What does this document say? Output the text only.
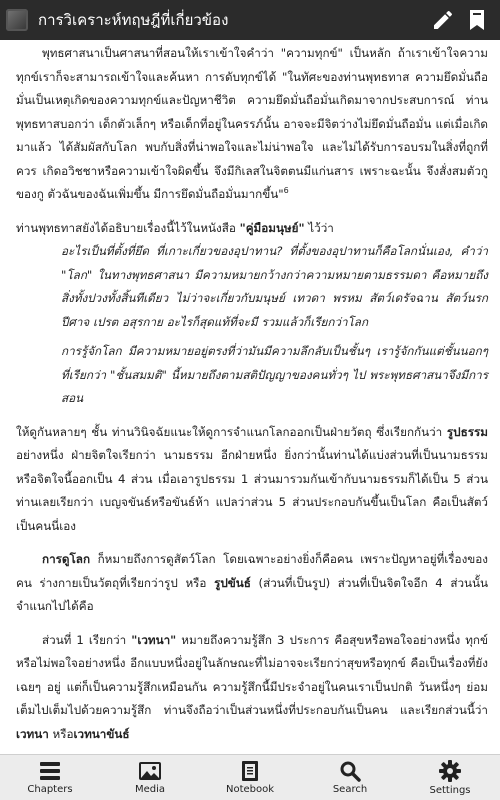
การวิเคราะห์ทฤษฎีที่เกี่ยวข้อง

พุทธศาสนาเป็นศาสนาที่สอนให้เราเข้าใจคำว่า "ความทุกข์" เป็นหลัก ถ้าเราเข้าใจความทุกข์เราก็จะสามารถเข้าใจและค้นหา การดับทุกข์ได้ "ในทัศะของท่านพุทธทาส ความยึดมั่นถือมั่นเป็นเหตุเกิดของความทุกข์และปัญหาชีวิต ความยึดมั่นถือมั่นเกิดมาจากประสบการณ์ ท่านพุทธทาสบอกว่า เด็กตัวเล็กๆ หรือเด็กที่อยู่ในครรภ์นั้น อาจจะมีจิตว่างไม่ยึดมั่นถือมั่น แต่เมื่อเกิดมาแล้ว ได้สัมผัสกับโลก พบกับสิ่งที่น่าพอใจและไม่น่าพอใจ และไม่ได้รับการอบรมในสิ่งที่ถูกที่ควร เกิดอวิชชาหรือความเข้าใจผิดขึ้น จึงมีกิเลสในจิตตนมีแก่นสาร เพราะฉะนั้น จึงสั่งสมตัวกูของกู ตัวฉันของฉันเพิ่มขึ้น มีการยึดมั่นถือมั่นมากขึ้น"$^6$

ท่านพุทธทาสยังได้อธิบายเรื่องนี้ไว้ในหนังสือ "คู่มือมนุษย์" ไว้ว่า

อะไรเป็นที่ตั้งที่ยึด ที่เกาะเกี่ยวของอุปาทาน? ที่ตั้งของอุปาทานก็คือโลกนั่นเอง, คำว่า "โลก" ในทางพุทธศาสนา มีความหมายกว้างกว่าความหมายตามธรรมดา คือหมายถึงสิ่งทั้งปวงทั้งสิ้นทีเดียว ไม่ว่าจะเกี่ยวกับมนุษย์ เทวดา พรหม สัตว์เดรัจฉาน สัตว์นรก ปีศาจ เปรต อสุรกาย อะไรก็สุดแท้ที่จะมี รวมแล้วก็เรียกว่าโลก

การรู้จักโลก มีความหมายอยู่ตรงที่ว่ามันมีความลึกลับเป็นชั้นๆ เรารู้จักกันแต่ชั้นนอกๆ ที่เรียกว่า "ชั้นสมมติ" นี้หมายถึงตามสติปัญญาของคนทั่วๆ ไป พระพุทธศาสนาจึงมีการสอน

ให้ดูกันหลายๆ ชั้น ท่านวินิจฉัยแนะให้ดูการจำแนกโลกออกเป็นฝ่ายวัตถุ ซึ่งเรียกกันว่า รูปธรรมอย่างหนึ่ง ฝ่ายจิตใจเรียกว่า นามธรรม อีกฝ่ายหนึ่ง ยิ่งกว่านั้นท่านได้แบ่งส่วนที่เป็นนามธรรมหรือจิตใจนี้ออกเป็น 4 ส่วน เมื่อเอารูปธรรม 1 ส่วนมารวมกันเข้ากับนามธรรมก็ได้เป็น 5 ส่วน ท่านเลยเรียกว่า เบญจขันธ์หรือขันธ์ห้า แปลว่าส่วน 5 ส่วนประกอบกันขึ้นเป็นโลก คือเป็นสัตว์เป็นคนนี่เอง

การดูโลก ก็หมายถึงการดูสัตว์โลก โดยเฉพาะอย่างยิ่งก็คือคน เพราะปัญหาอยู่ที่เรื่องของคน ร่างกายเป็นวัตถุที่เรียกว่ารูป หรือ รูปขันธ์ (ส่วนที่เป็นรูป) ส่วนที่เป็นจิตใจอีก 4 ส่วนนั้นจำแนกไปได้คือ

ส่วนที่ 1 เรียกว่า "เวทนา" หมายถึงความรู้สึก 3 ประการ คือสุขหรือพอใจอย่างหนึ่ง ทุกข์หรือไม่พอใจอย่างหนึ่ง อีกแบบหนึ่งอยู่ในลักษณะที่ไม่อาจจะเรียกว่าสุขหรือทุกข์ คือเป็นเรื่องที่ยังเฉยๆ อยู่ แต่ก็เป็นความรู้สึกเหมือนกัน ความรู้สึกนี้มีประจำอยู่ในคนเราเป็นปกติ วันหนึ่งๆ ย่อมเต็มไปเต็มไปด้วยความรู้สึก ท่านจึงถือว่าเป็นส่วนหนึ่งที่ประกอบกันเป็นคน และเรียกส่วนนี้ว่า เวทนา หรือเวทนาขันธ์

Chapters	Media	Notebook	Search	Settings
